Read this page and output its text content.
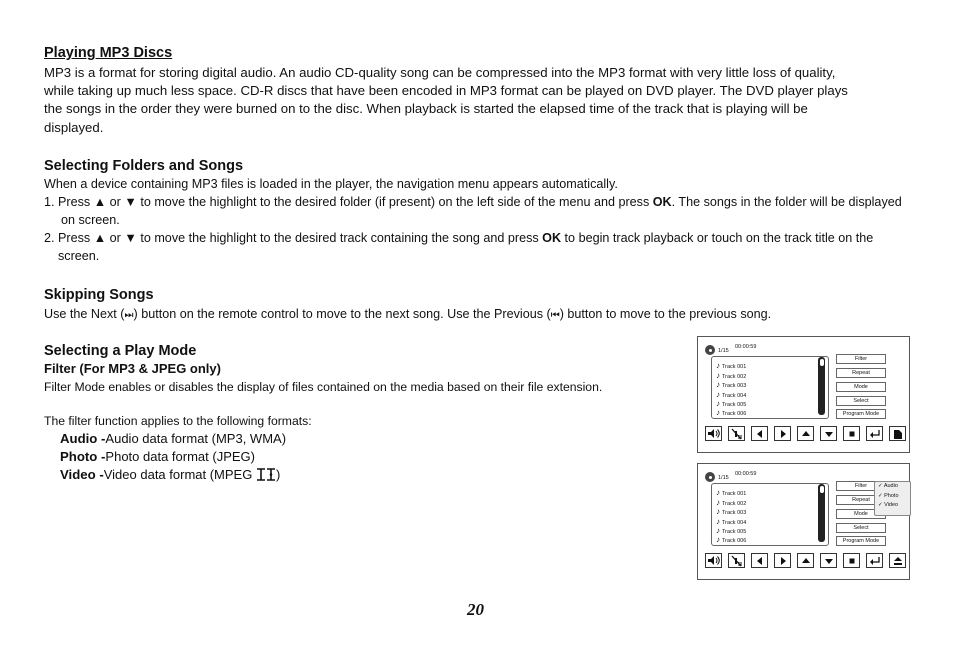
Playing MP3 Discs
MP3 is a format for storing digital audio. An audio CD-quality song can be compressed into the MP3 format with very little loss of quality,
while taking up much less space. CD-R discs that have been encoded in MP3 format can be played on DVD player. The DVD player plays
the songs in the order they were burned on to the disc. When playback is started the elapsed time of the track that is playing will be
displayed.
Selecting Folders and Songs
When a device containing MP3 files is loaded in the player, the navigation menu appears automatically.
1. Press ▲ or ▼ to move the highlight to the desired folder (if present) on the left side of the menu and press OK. The songs in the folder will be displayed on screen.
2. Press ▲ or ▼ to move the highlight to the desired track containing the song and press OK to begin track playback or touch on the track title on the screen.
Skipping Songs
Use the Next (⏭) button on the remote control to move to the next song. Use the Previous (⏮) button to move to the previous song.
Selecting a Play Mode
Filter (For MP3 & JPEG only)
Filter Mode enables or disables the display of files contained on the media based on their file extension.
The filter function applies to the following formats:
Audio -Audio data format (MP3, WMA)
Photo -Photo data format (JPEG)
Video -Video data format (MPEG )
1/15
00:00:59
♪ Track 001
♪ Track 002
♪ Track 003
♪ Track 004
♪ Track 005
♪ Track 006
Filter
Repeat
Mode
Select
Program Mode
1/15
00:00:59
♪ Track 001
♪ Track 002
♪ Track 003
♪ Track 004
♪ Track 005
♪ Track 006
Filter
Repeat
Mode
Select
Program Mode
✓ Audio
✓ Photo
✓ Video
20
